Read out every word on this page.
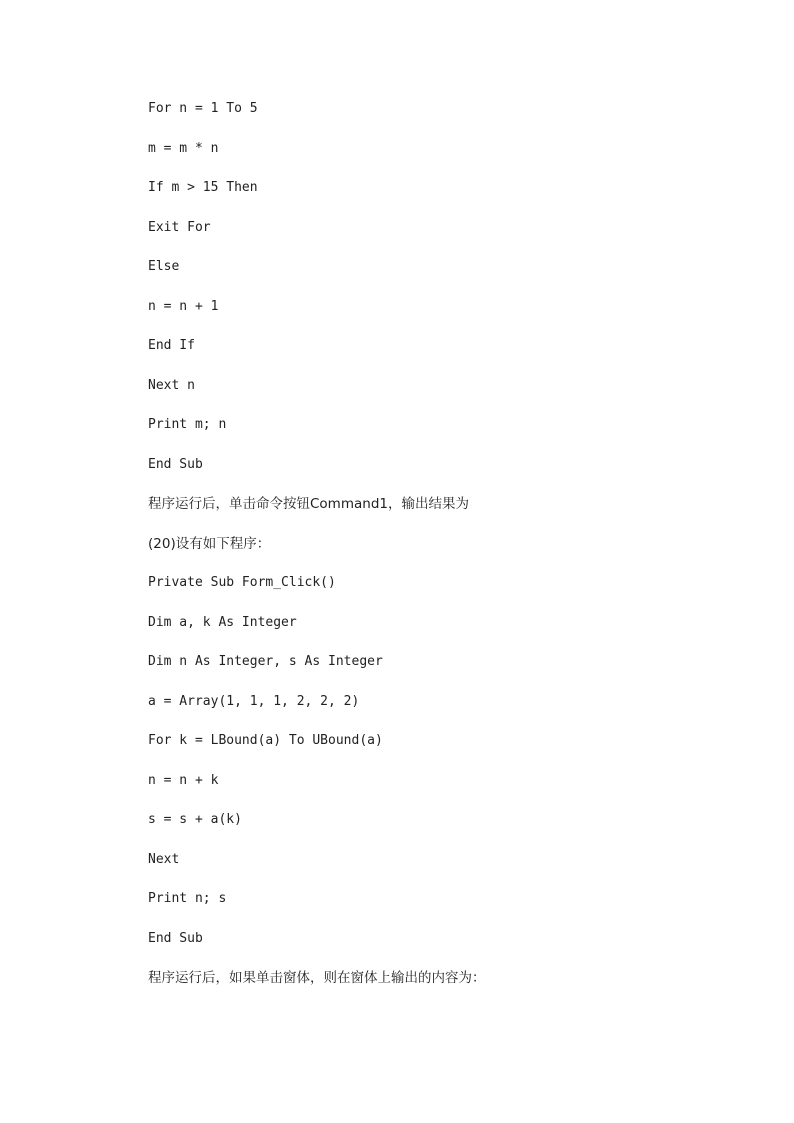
For n = 1 To 5
m = m * n
If m > 15 Then
Exit For
Else
n = n + 1
End If
Next n
Print m; n
End Sub
程序运行后，单击命令按钮Command1，输出结果为
(20)设有如下程序：
Private Sub Form_Click()
Dim a, k As Integer
Dim n As Integer, s As Integer
a = Array(1, 1, 1, 2, 2, 2)
For k = LBound(a) To UBound(a)
n = n + k
s = s + a(k)
Next
Print n; s
End Sub
程序运行后，如果单击窗体，则在窗体上输出的内容为：
